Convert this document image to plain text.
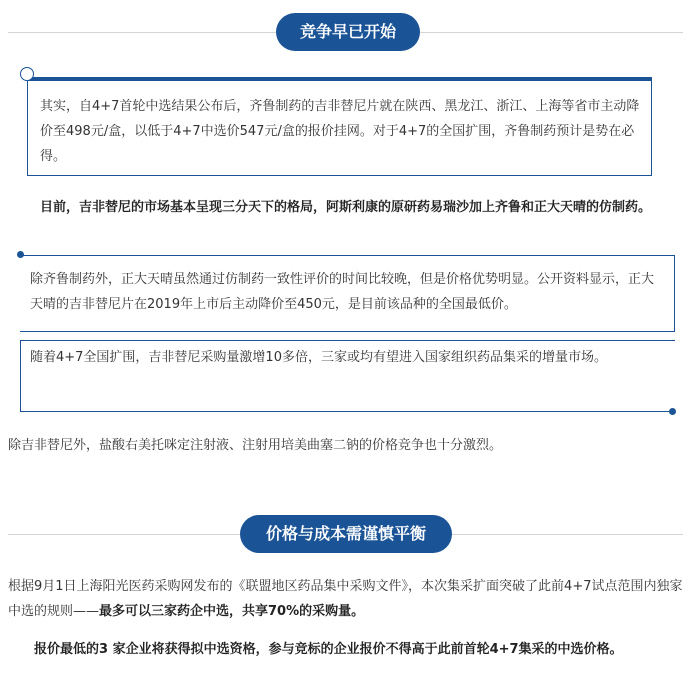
竞争早已开始

其实，自4+7首轮中选结果公布后，齐鲁制药的吉非替尼片就在陕西、黑龙江、浙江、上海等省市主动降价至498元/盒，以低于4+7中选价547元/盒的报价挂网。对于4+7的全国扩围，齐鲁制药预计是势在必得。

目前，吉非替尼的市场基本呈现三分天下的格局，阿斯利康的原研药易瑞沙加上齐鲁和正大天晴的仿制药。

除齐鲁制药外，正大天晴虽然通过仿制药一致性评价的时间比较晚，但是价格优势明显。公开资料显示，正大天晴的吉非替尼片在2019年上市后主动降价至450元，是目前该品种的全国最低价。

随着4+7全国扩围，吉非替尼采购量激增10多倍，三家或均有望进入国家组织药品集采的增量市场。

除吉非替尼外，盐酸右美托咪定注射液、注射用培美曲塞二钠的价格竞争也十分激烈。

价格与成本需谨慎平衡

根据9月1日上海阳光医药采购网发布的《联盟地区药品集中采购文件》，本次集采扩面突破了此前4+7试点范围内独家中选的规则——最多可以三家药企中选，共享70%的采购量。

报价最低的3 家企业将获得拟中选资格，参与竞标的企业报价不得高于此前首轮4+7集采的中选价格。
